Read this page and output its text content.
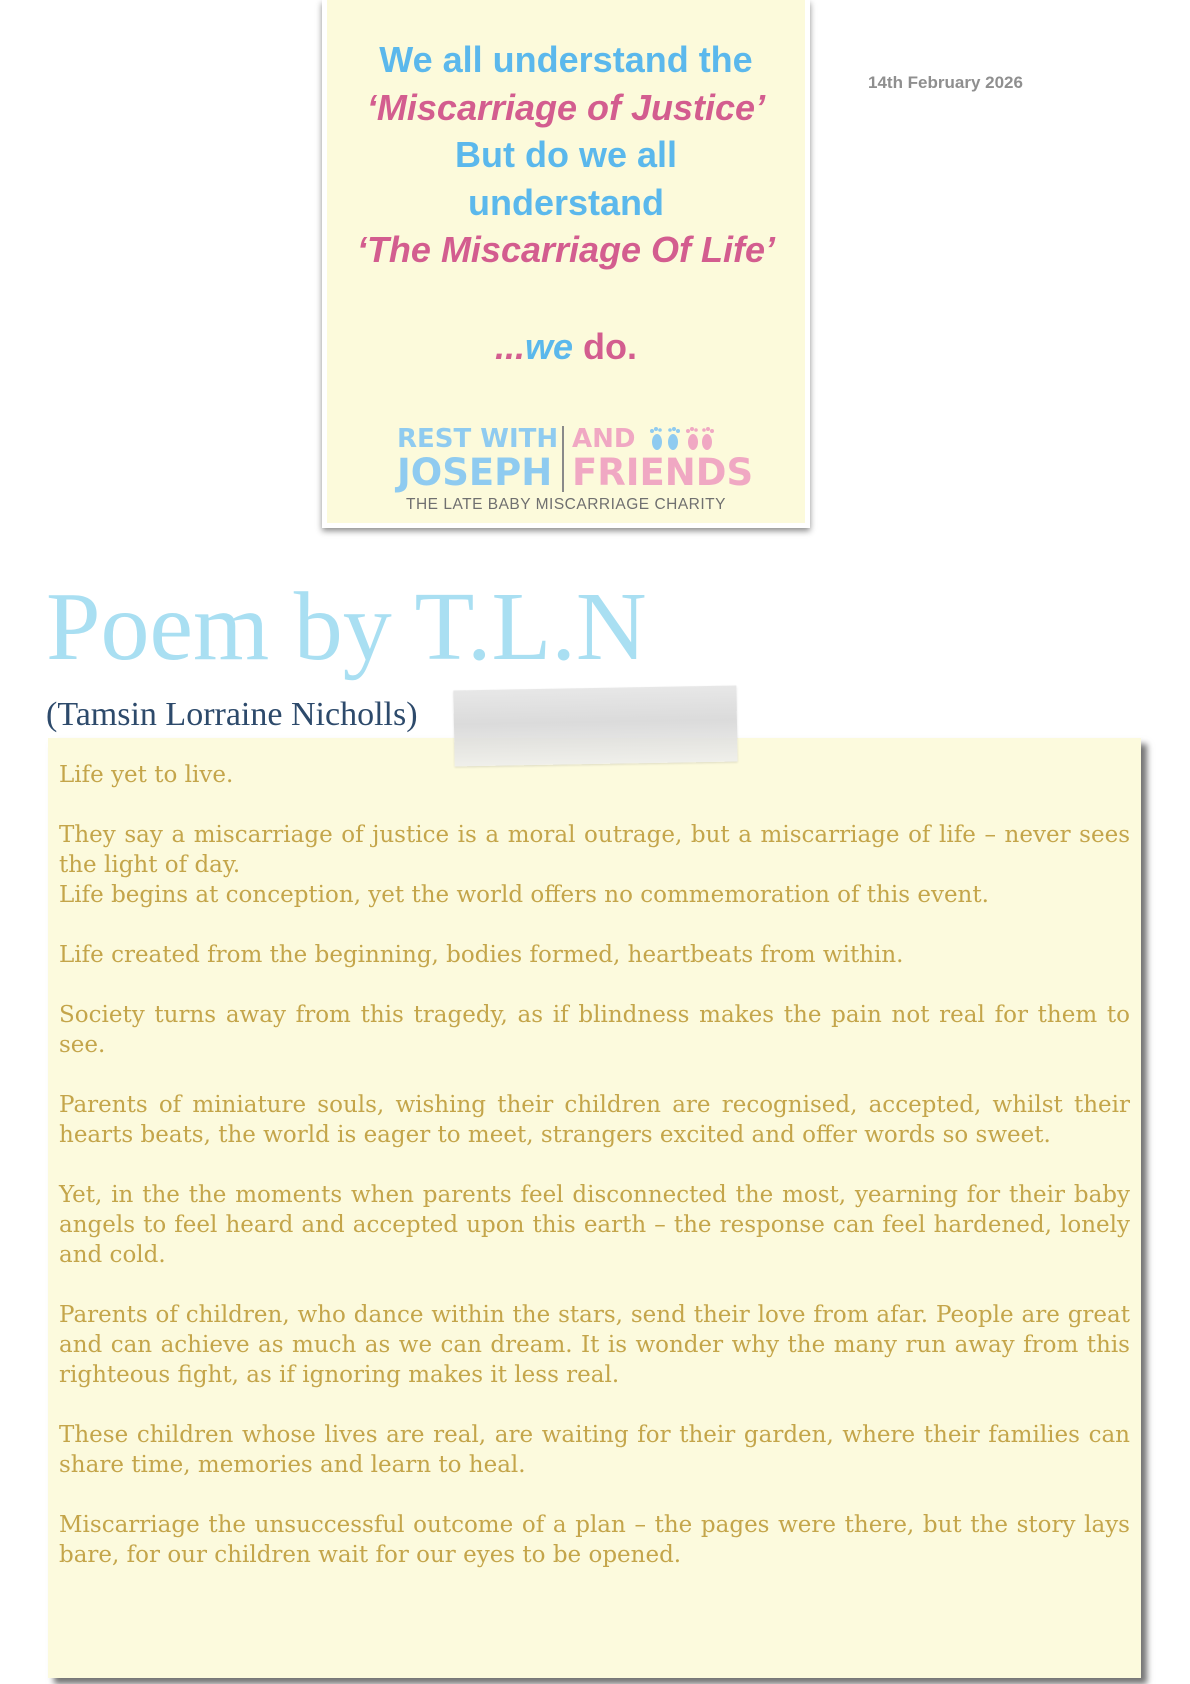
We all understand the
‘Miscarriage of Justice’
But do we all
understand
‘The Miscarriage Of Life’
...we do.
REST WITH
JOSEPH
AND
FRIENDS
THE LATE BABY MISCARRIAGE CHARITY
14th February 2026
Poem by T.L.N
(Tamsin Lorraine Nicholls)

Life yet to live.

They say a miscarriage of justice is a moral outrage, but a miscarriage of life – never sees the light of day.
Life begins at conception, yet the world offers no commemoration of this event.

Life created from the beginning, bodies formed, heartbeats from within.

Society turns away from this tragedy, as if blindness makes the pain not real for them to see.

Parents of miniature souls, wishing their children are recognised, accepted, whilst their hearts beats, the world is eager to meet, strangers excited and offer words so sweet.

Yet, in the the moments when parents feel disconnected the most, yearning for their baby angels to feel heard and accepted upon this earth – the response can feel hardened, lonely and cold.

Parents of children, who dance within the stars, send their love from afar. People are great and can achieve as much as we can dream. It is wonder why the many run away from this righteous fight, as if ignoring makes it less real.

These children whose lives are real, are waiting for their garden, where their families can share time, memories and learn to heal.

Miscarriage the unsuccessful outcome of a plan – the pages were there, but the story lays bare, for our children wait for our eyes to be opened.
